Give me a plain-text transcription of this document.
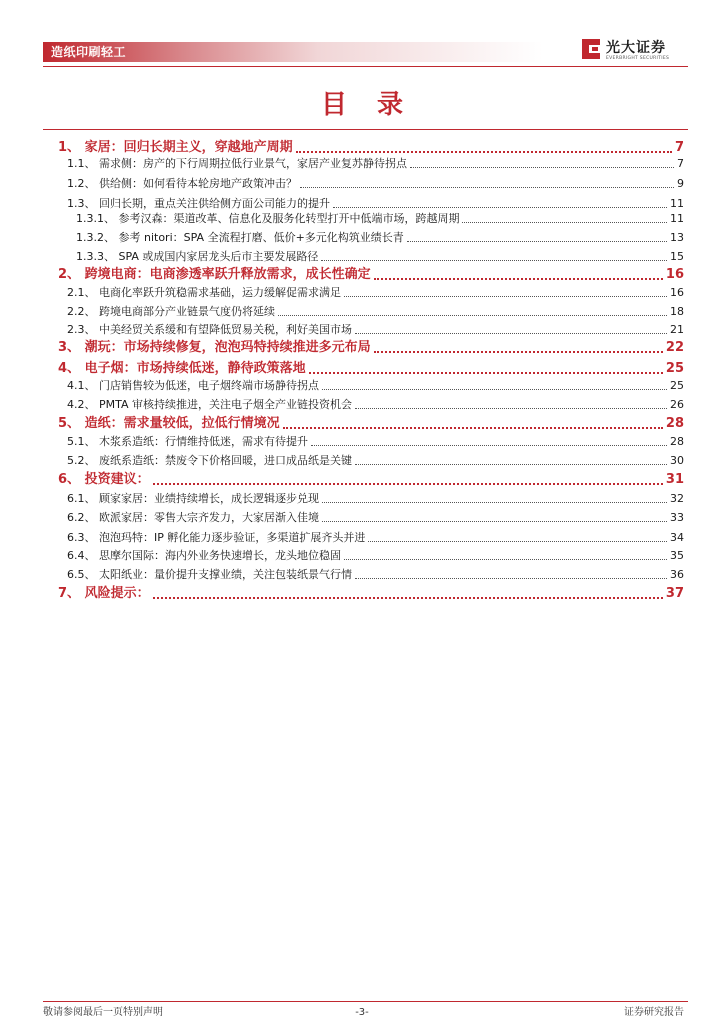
造纸印刷轻工	光大证券
EVERBRIGHT SECURITIES
目录
1、 家居：回归长期主义，穿越地产周期	7
1.1、 需求侧：房产的下行周期拉低行业景气，家居产业复苏静待拐点	7
1.2、 供给侧：如何看待本轮房地产政策冲击？	9
1.3、 回归长期，重点关注供给侧方面公司能力的提升	11
1.3.1、 参考汉森：渠道改革、信息化及服务化转型打开中低端市场，跨越周期	11
1.3.2、 参考 nitori：SPA 全流程打磨、低价+多元化构筑业绩长青	13
1.3.3、 SPA 或成国内家居龙头后市主要发展路径	15
2、 跨境电商：电商渗透率跃升释放需求，成长性确定	16
2.1、 电商化率跃升筑稳需求基础，运力缓解促需求满足	16
2.2、 跨境电商部分产业链景气度仍将延续	18
2.3、 中美经贸关系缓和有望降低贸易关税，利好美国市场	21
3、 潮玩：市场持续修复，泡泡玛特持续推进多元布局	22
4、 电子烟：市场持续低迷，静待政策落地	25
4.1、 门店销售较为低迷，电子烟终端市场静待拐点	25
4.2、 PMTA 审核持续推进，关注电子烟全产业链投资机会	26
5、 造纸：需求量较低，拉低行情境况	28
5.1、 木浆系造纸：行情维持低迷，需求有待提升	28
5.2、 废纸系造纸：禁废令下价格回暖，进口成品纸是关键	30
6、 投资建议：	31
6.1、 顾家家居：业绩持续增长，成长逻辑逐步兑现	32
6.2、 欧派家居：零售大宗齐发力，大家居渐入佳境	33
6.3、 泡泡玛特：IP 孵化能力逐步验证，多渠道扩展齐头并进	34
6.4、 思摩尔国际：海内外业务快速增长，龙头地位稳固	35
6.5、 太阳纸业：量价提升支撑业绩，关注包装纸景气行情	36
7、 风险提示：	37
敬请参阅最后一页特别声明	-3-	证券研究报告
